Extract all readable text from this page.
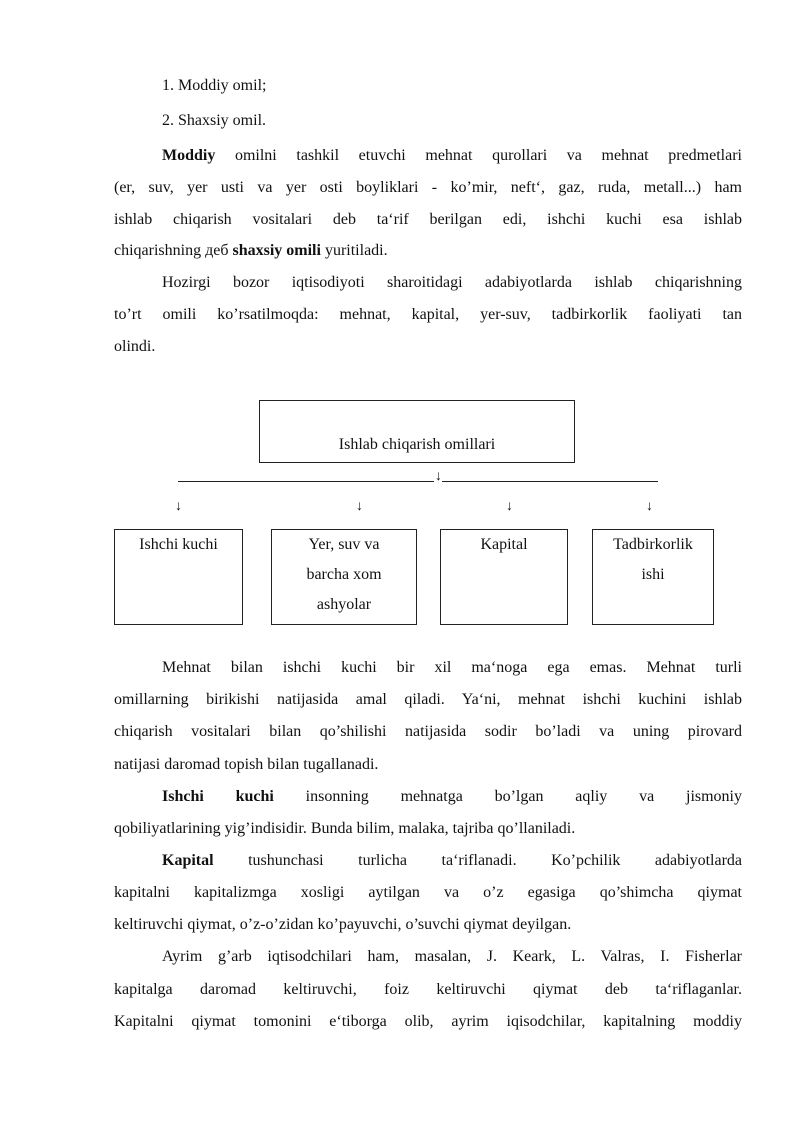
1. Moddiy omil;
2. Shaxsiy omil.
Moddiy omilni tashkil etuvchi mehnat qurollari va mehnat predmetlari
(er, suv, yer usti va yer osti boyliklari - ko’mir, neft‘, gaz, ruda, metall...) ham
ishlab chiqarish vositalari deb ta‘rif berilgan edi, ishchi kuchi esa ishlab
chiqarishning деб shaxsiy omili yuritiladi.
Hozirgi bozor iqtisodiyoti sharoitidagi adabiyotlarda ishlab chiqarishning
to’rt omili ko’rsatilmoqda: mehnat, kapital, yer-suv, tadbirkorlik faoliyati tan
olindi.
Ishlab chiqarish omillari
↓
↓	↓	↓	↓
Ishchi kuchi	Yer, suv va
barcha xom
ashyolar
Kapital	Tadbirkorlik
ishi
Mehnat bilan ishchi kuchi bir xil ma‘noga ega emas. Mehnat turli
omillarning birikishi natijasida amal qiladi. Ya‘ni, mehnat ishchi kuchini ishlab
chiqarish vositalari bilan qo’shilishi natijasida sodir bo’ladi va uning pirovard
natijasi daromad topish bilan tugallanadi.
Ishchi kuchi insonning mehnatga bo’lgan aqliy va jismoniy
qobiliyatlarining yig’indisidir. Bunda bilim, malaka, tajriba qo’llaniladi.
Kapital tushunchasi turlicha ta‘riflanadi. Ko’pchilik adabiyotlarda
kapitalni kapitalizmga xosligi aytilgan va o’z egasiga qo’shimcha qiymat
keltiruvchi qiymat, o’z-o’zidan ko’payuvchi, o’suvchi qiymat deyilgan.
Ayrim g’arb iqtisodchilari ham, masalan, J. Keark, L. Valras, I. Fisherlar
kapitalga daromad keltiruvchi, foiz keltiruvchi qiymat deb ta‘riflaganlar.
Kapitalni qiymat tomonini e‘tiborga olib, ayrim iqisodchilar, kapitalning moddiy
